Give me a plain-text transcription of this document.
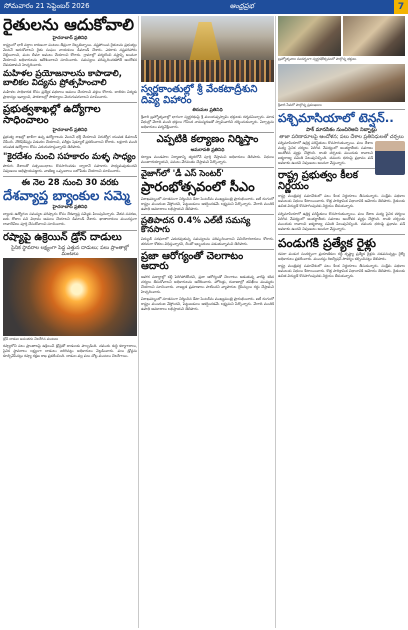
సోమవారం 21 సెప్టెంబర్ 2026	ఆంధ్రప్రభ	7
రైతులను ఆదుకోవాలి
హైదరాబాద్ ప్రతినిధి

రాష్ట్రంలో భారీ వర్షాల కారణంగా పంటలు తీవ్రంగా దెబ్బతిన్నాయి. నష్టపోయిన రైతులను ప్రభుత్వం వెంటనే ఆదుకోవాలని రైతు సంఘం నాయకులు డిమాండ్ చేశారు. ఎకరాకు నష్టపరిహారం చెల్లించాలని, పంట బీమా అమలు చేయాలని కోరారు. గ్రామాల్లో పర్యటించి నష్టాన్ని అంచనా వేయాలని అధికారులను ఆదేశించాలని సూచించారు. సమస్యలు పరిష్కరించకపోతే ఆందోళన చేపడతామని హెచ్చరించారు.

మహిళల ప్రయోజనాలను కాపాడాలి, బాలికల విద్యను ప్రోత్సహించాలి

మహిళల సాధికారత కోసం ప్రత్యేక పథకాలు అమలు చేయాలని వక్తలు కోరారు. బాలికల విద్యకు ప్రాధాన్యం ఇవ్వాలని, పాఠశాలల్లో సౌకర్యాలు మెరుగుపరచాలని సూచించారు.

ప్రభుత్వశాఖల్లో ఉద్యోగాల సాధించాలం
హైదరాబాద్ ప్రతినిధి

ప్రభుత్వ శాఖల్లో ఖాళీగా ఉన్న ఉద్యోగాలను వెంటనే భర్తీ చేయాలని నిరుద్యోగ యువత డిమాండ్ చేసింది. నోటిఫికేషన్లు విడుదల చేయాలని, పరీక్షల షెడ్యూల్ ప్రకటించాలని కోరారు. లక్షలాది మంది యువత ఉద్యోగాల కోసం ఎదురుచూస్తున్నారని తెలిపారు.

"కైరదేశం నుంచి సహకారం మళ్ళ సాధ్యం

పొరుగు దేశాలతో సత్సంబంధాలు కొనసాగించడం ద్వారానే సహకారం సాధ్యమవుతుందని నిపుణులు అభిప్రాయపడ్డారు. వాణిజ్య ఒప్పందాలు బలోపేతం చేయాలని సూచించారు.

ఈ నెల 28 నుంచి 30 వరకు
దేశవ్యాప్త బ్యాంకుల సమ్మె
హైదరాబాద్ ప్రతినిధి

బ్యాంకు ఉద్యోగుల సమస్యల పరిష్కారం కోసం దేశవ్యాప్త సమ్మెకు పిలుపునిచ్చారు. వేతన సవరణ, ఐదు రోజుల పని విధానం అమలు చేయాలని డిమాండ్ చేశారు. ఖాతాదారులు ముందస్తుగా లావాదేవీలు పూర్తి చేసుకోవాలని సూచించారు.

రష్యాపై ఉక్రెయిన్ డ్రోన్ దాడులు
సైనిక స్థావరాల లక్ష్యంగా పెద్ద ఎత్తున దాడులు; పలు ప్రాంతాల్లో మంటలు
డ్రోన్ దాడుల అనంతరం చెలరేగిన మంటలు

రష్యాలోని పలు ప్రాంతాలపై ఉక్రెయిన్ డ్రోన్లతో దాడులకు పాల్పడింది. చమురు శుద్ధి కర్మాగారాలు, సైనిక స్థావరాలు లక్ష్యంగా దాడులు జరిగినట్లు అధికారులు వెల్లడించారు. పలు డ్రోన్లను కూల్చివేసినట్లు రష్యా రక్షణ శాఖ ప్రకటించింది. దాడుల వల్ల పలు చోట్ల మంటలు చెలరేగాయి.

స్వర్ణకాంతుల్లో శ్రీ వేంకటాద్రీశుని దివ్య విహారం
తిరుమల ప్రతినిధి

శ్రీవారి బ్రహ్మోత్సవాల్లో భాగంగా స్వర్ణరథంపై శ్రీ మలయప్పస్వామి భక్తులకు దర్శనమిచ్చారు. మాడ వీధుల్లో వేలాది మంది భక్తులు గోవింద నామస్మరణతో స్వామివారిని దర్శించుకున్నారు. ఏర్పాట్లను అధికారులు పర్యవేక్షించారు.

ఎప్పటికి కల్యాణం నిర్మిస్తాం
అమరావతి ప్రతినిధి

కల్యాణ మండపాల నిర్మాణాన్ని త్వరలోనే పూర్తి చేస్తామని అధికారులు తెలిపారు. నిధులు మంజూరయ్యాయని, పనులు వేగవంతం చేస్తామని పేర్కొన్నారు.

వైజాగ్‌లో 'డీ ఎస్ సెంటర్'
ప్రారంభోత్సవంలో సీఎం

విశాఖపట్నంలో నూతనంగా నిర్మించిన డేటా సెంటర్‌ను ముఖ్యమంత్రి ప్రారంభించారు. ఐటీ రంగంలో రాష్ట్రం ముందంజ వేస్తోందని, పెట్టుబడులు ఆకర్షించడమే లక్ష్యమని పేర్కొన్నారు. వేలాది మందికి ఉపాధి అవకాశాలు లభిస్తాయని తెలిపారు.

ప్రతిపాదన 0.4% ఎల్‌టీ సమస్య కొనసాగు

విద్యుత్ సరఫరాలో ఎదురవుతున్న సమస్యలను పరిష్కరించాలని వినియోగదారులు కోరారు. తరచుగా కోతలు విధిస్తున్నారని, దీంతో ఇబ్బందులు పడుతున్నామని తెలిపారు.

ప్రజా ఆరోగ్యంతో చెలగాటం ఆదారు

ఆహార పదార్థాల్లో కల్తీ పెరిగిపోతోందని, ప్రజా ఆరోగ్యంతో చెలగాటం ఆడుతున్న వారిపై కఠిన చర్యలు తీసుకోవాలని అధికారులను ఆదేశించారు. హోటళ్లు, దుకాణాల్లో తనిఖీలు ముమ్మరం చేయాలని సూచించారు. నాణ్యత ప్రమాణాలు పాటించని వ్యాపారుల లైసెన్సులు రద్దు చేస్తామని హెచ్చరించారు.

విశాఖపట్నంలో నూతనంగా నిర్మించిన డేటా సెంటర్‌ను ముఖ్యమంత్రి ప్రారంభించారు. ఐటీ రంగంలో రాష్ట్రం ముందంజ వేస్తోందని, పెట్టుబడులు ఆకర్షించడమే లక్ష్యమని పేర్కొన్నారు. వేలాది మందికి ఉపాధి అవకాశాలు లభిస్తాయని తెలిపారు.

బ్రహ్మోత్సవాల సందర్భంగా స్వర్ణరథోత్సవంలో పాల్గొన్న భక్తులు
శ్రీవారి సేవలో పాల్గొన్న ప్రముఖులు
పశ్చిమాసియాలో టెన్షన్..
పాక్ మానసికం నుంచిరెఅని నిబ్బాట్లు
తాజా పరిణామాలపై ఆందోళన; పలు దేశాల ప్రతినిధులతో చర్చలు

పశ్చిమాసియాలో ఉద్రిక్త పరిస్థితులు కొనసాగుతున్నాయి. పలు దేశాల మధ్య సైనిక చర్యలు పెరిగిన నేపథ్యంలో అంతర్జాతీయ సమాజం ఆందోళన వ్యక్తం చేస్తోంది. శాంతి చర్చలకు ముందుకు రావాలని ఐక్యరాజ్య సమితి పిలుపునిచ్చింది. చమురు ధరలపై ప్రభావం పడే అవకాశం ఉందని నిపుణులు అంచనా వేస్తున్నారు.

రాష్ట్ర ప్రభుత్వం కీలక నిర్ణయం

రాష్ట్ర మంత్రివర్గ సమావేశంలో పలు కీలక నిర్ణయాలు తీసుకున్నారు. సంక్షేమ పథకాల అమలుకు నిధులు కేటాయించారు. కొత్త పారిశ్రామిక విధానానికి ఆమోదం తెలిపారు. రైతులకు ఉచిత విద్యుత్ కొనసాగింపునకు నిర్ణయం తీసుకున్నారు.

పశ్చిమాసియాలో ఉద్రిక్త పరిస్థితులు కొనసాగుతున్నాయి. పలు దేశాల మధ్య సైనిక చర్యలు పెరిగిన నేపథ్యంలో అంతర్జాతీయ సమాజం ఆందోళన వ్యక్తం చేస్తోంది. శాంతి చర్చలకు ముందుకు రావాలని ఐక్యరాజ్య సమితి పిలుపునిచ్చింది. చమురు ధరలపై ప్రభావం పడే అవకాశం ఉందని నిపుణులు అంచనా వేస్తున్నారు.

పండుగకి ప్రత్యేక రైళ్లు

దసరా పండుగ సందర్భంగా ప్రయాణికుల రద్దీ దృష్ట్యా ప్రత్యేక రైళ్లను నడపనున్నట్లు రైల్వే అధికారులు ప్రకటించారు. ముందస్తు రిజర్వేషన్ సౌకర్యం కల్పించినట్లు తెలిపారు.

రాష్ట్ర మంత్రివర్గ సమావేశంలో పలు కీలక నిర్ణయాలు తీసుకున్నారు. సంక్షేమ పథకాల అమలుకు నిధులు కేటాయించారు. కొత్త పారిశ్రామిక విధానానికి ఆమోదం తెలిపారు. రైతులకు ఉచిత విద్యుత్ కొనసాగింపునకు నిర్ణయం తీసుకున్నారు.
